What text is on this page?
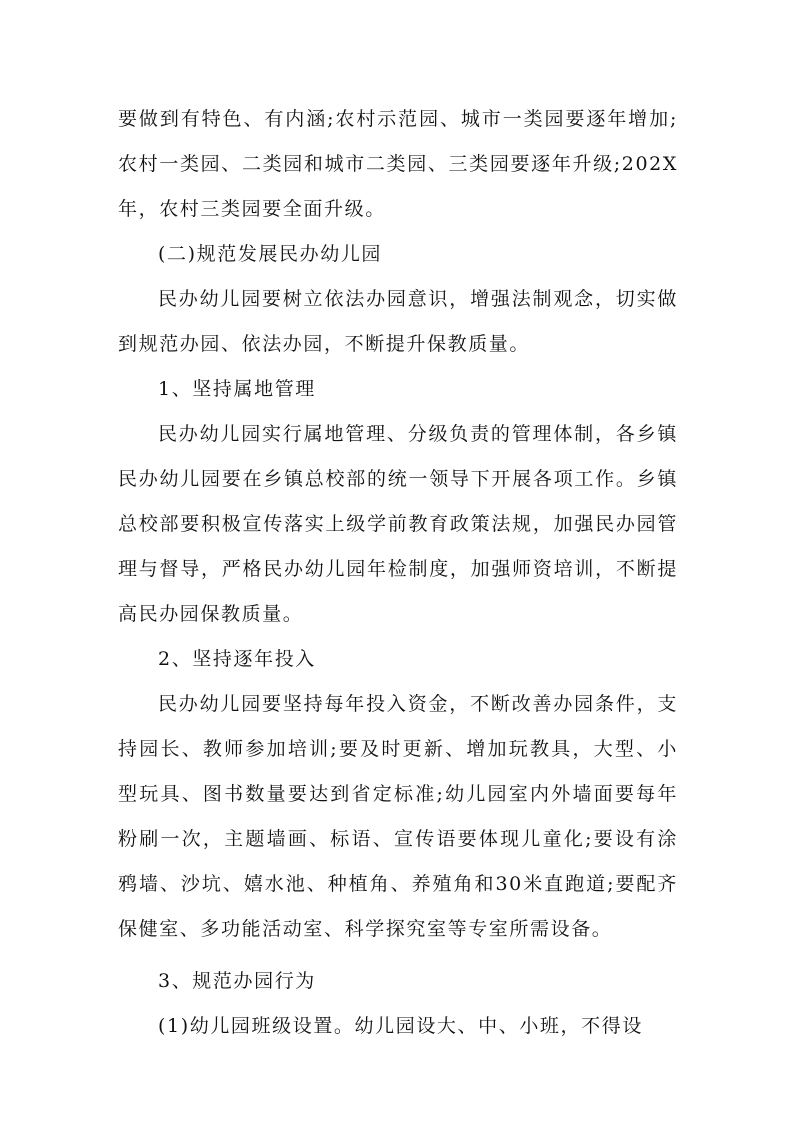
要做到有特色、有内涵;农村示范园、城市一类园要逐年增加;农村一类园、二类园和城市二类园、三类园要逐年升级;202X年，农村三类园要全面升级。

(二)规范发展民办幼儿园

民办幼儿园要树立依法办园意识，增强法制观念，切实做到规范办园、依法办园，不断提升保教质量。

1、坚持属地管理

民办幼儿园实行属地管理、分级负责的管理体制，各乡镇民办幼儿园要在乡镇总校部的统一领导下开展各项工作。乡镇总校部要积极宣传落实上级学前教育政策法规，加强民办园管理与督导，严格民办幼儿园年检制度，加强师资培训，不断提高民办园保教质量。

2、坚持逐年投入

民办幼儿园要坚持每年投入资金，不断改善办园条件，支持园长、教师参加培训;要及时更新、增加玩教具，大型、小型玩具、图书数量要达到省定标准;幼儿园室内外墙面要每年粉刷一次，主题墙画、标语、宣传语要体现儿童化;要设有涂鸦墙、沙坑、嬉水池、种植角、养殖角和30米直跑道;要配齐保健室、多功能活动室、科学探究室等专室所需设备。

3、规范办园行为

(1)幼儿园班级设置。幼儿园设大、中、小班，不得设
